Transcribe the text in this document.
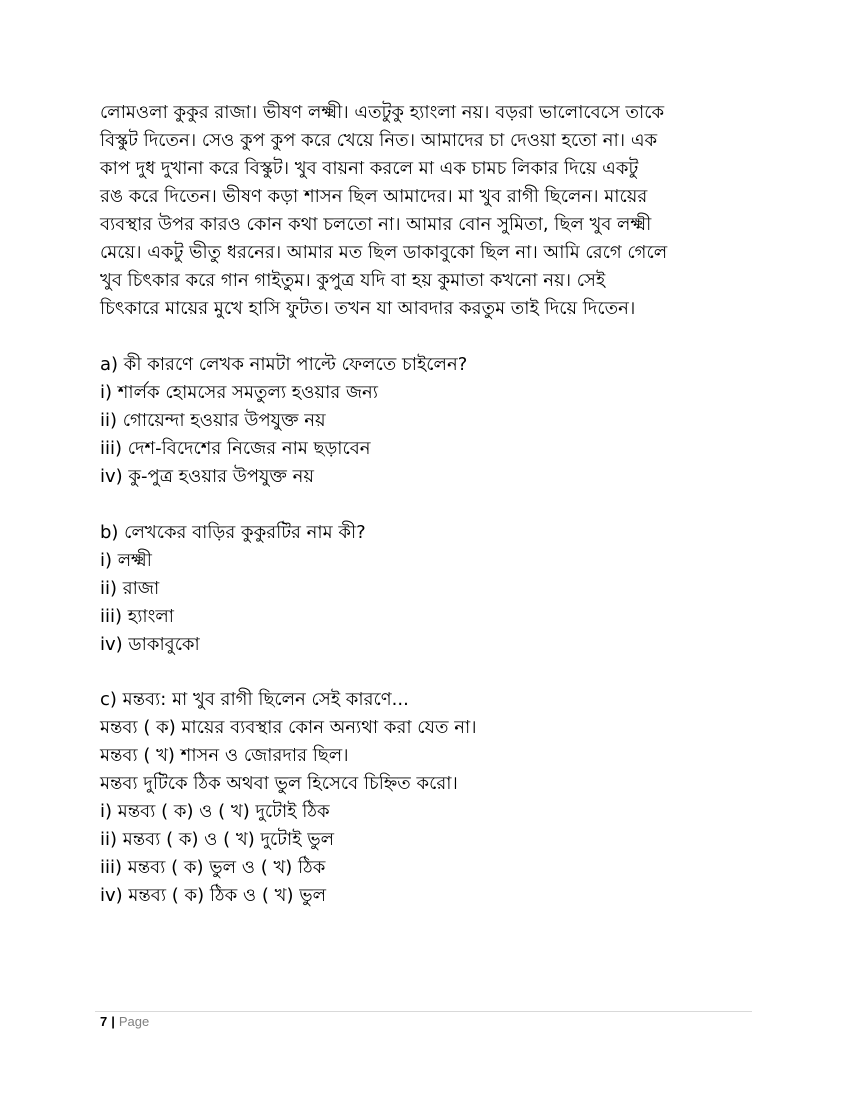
লোমওলা কুকুর রাজা। ভীষণ লক্ষ্মী। এতটুকু হ্যাংলা নয়। বড়রা ভালোবেসে তাকে
বিস্কুট দিতেন। সেও কুপ কুপ করে খেয়ে নিত। আমাদের চা দেওয়া হতো না। এক
কাপ দুধ দুখানা করে বিস্কুট। খুব বায়না করলে মা এক চামচ লিকার দিয়ে একটু
রঙ করে দিতেন। ভীষণ কড়া শাসন ছিল আমাদের। মা খুব রাগী ছিলেন। মায়ের
ব্যবস্থার উপর কারও কোন কথা চলতো না। আমার বোন সুমিতা, ছিল খুব লক্ষ্মী
মেয়ে। একটু ভীতু ধরনের। আমার মত ছিল ডাকাবুকো ছিল না। আমি রেগে গেলে
খুব চিৎকার করে গান গাইতুম। কুপুত্র যদি বা হয় কুমাতা কখনো নয়। সেই
চিৎকারে মায়ের মুখে হাসি ফুটত। তখন যা আবদার করতুম তাই দিয়ে দিতেন।
a) কী কারণে লেখক নামটা পাল্টে ফেলতে চাইলেন?
i) শার্লক হোমসের সমতুল্য হওয়ার জন্য
ii) গোয়েন্দা হওয়ার উপযুক্ত নয়
iii) দেশ-বিদেশের নিজের নাম ছড়াবেন
iv) কু-পুত্র হওয়ার উপযুক্ত নয়
b) লেখকের বাড়ির কুকুরটির নাম কী?
i) লক্ষ্মী
ii) রাজা
iii) হ্যাংলা
iv) ডাকাবুকো
c) মন্তব্য: মা খুব রাগী ছিলেন সেই কারণে...
মন্তব্য ( ক) মায়ের ব্যবস্থার কোন অন্যথা করা যেত না।
মন্তব্য ( খ) শাসন ও জোরদার ছিল।
মন্তব্য দুটিকে ঠিক অথবা ভুল হিসেবে চিহ্নিত করো।
i) মন্তব্য ( ক) ও ( খ) দুটোই ঠিক
ii) মন্তব্য ( ক) ও ( খ) দুটোই ভুল
iii) মন্তব্য ( ক) ভুল ও ( খ) ঠিক
iv) মন্তব্য ( ক) ঠিক ও ( খ) ভুল
7 | Page
